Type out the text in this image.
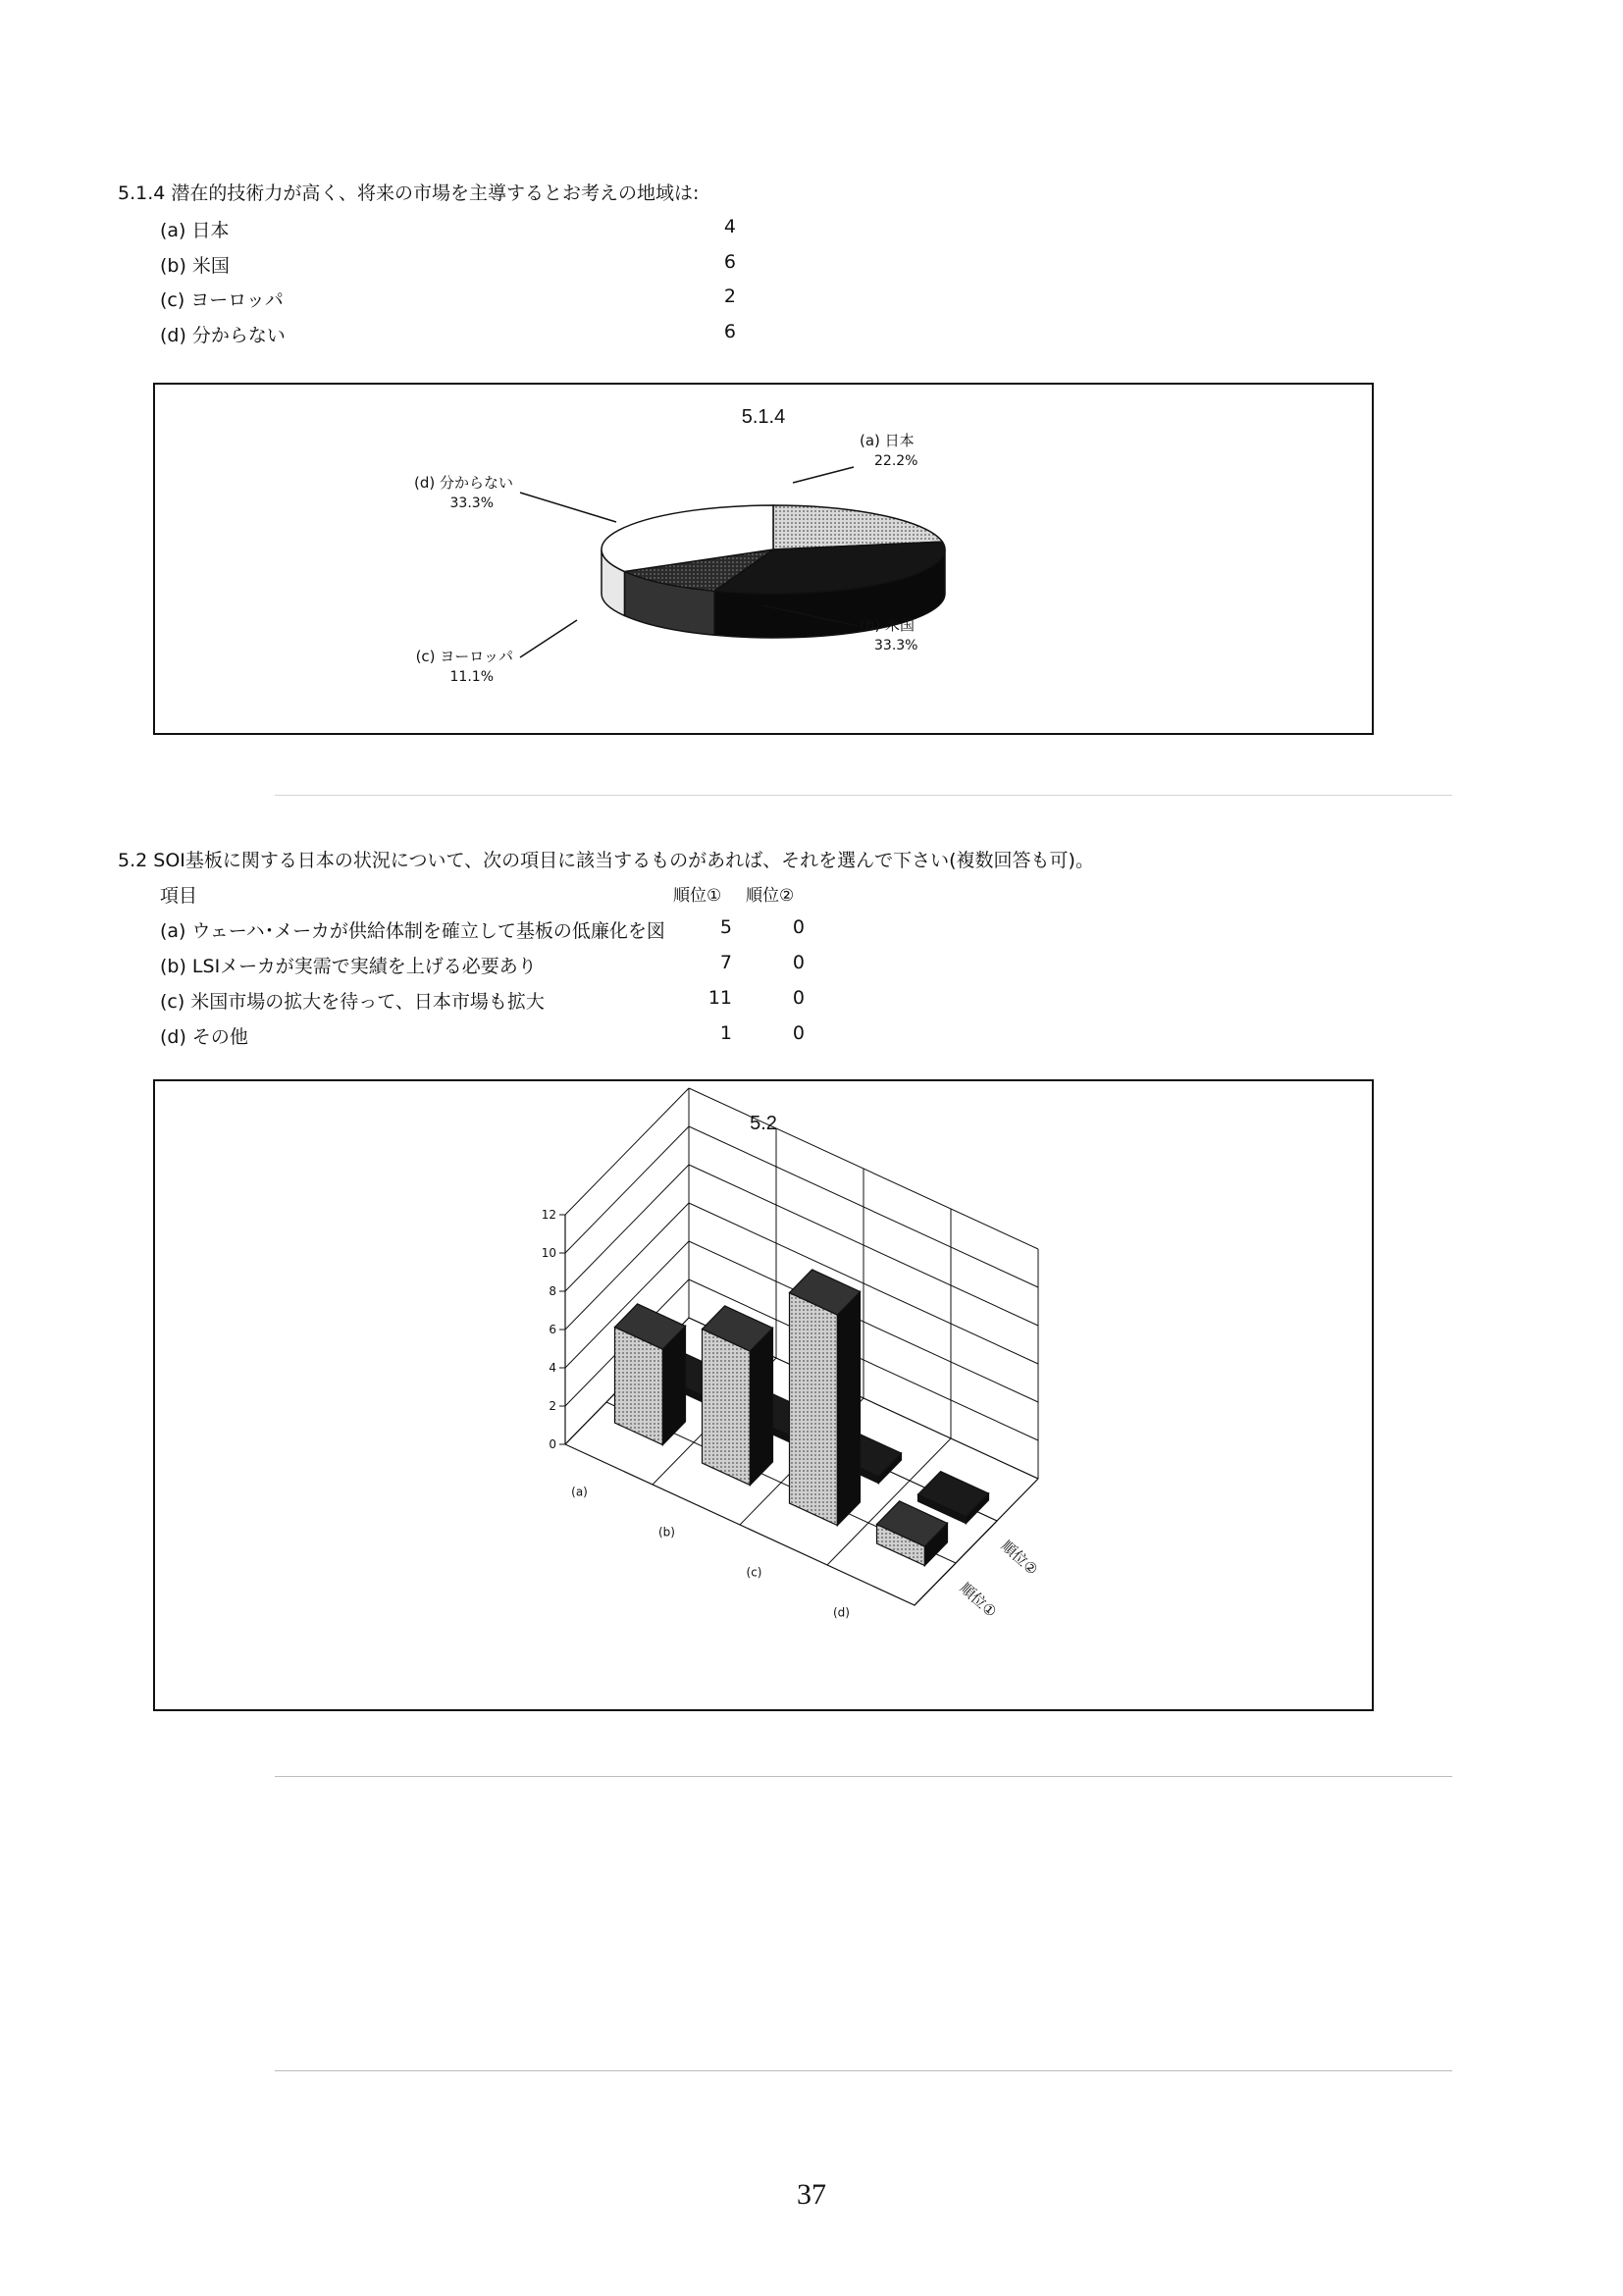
5.1.4 潜在的技術力が高く、将来の市場を主導するとお考えの地域は:
(a) 日本	4
(b) 米国	6
(c) ヨーロッパ	2
(d) 分からない	6
5.1.4
(a) 日本
22.2%
(b) 米国
33.3%
(c) ヨーロッパ
11.1%
(d) 分からない
33.3%
5.2 SOI基板に関する日本の状況について、次の項目に該当するものがあれば、それを選んで下さい(複数回答も可)。
項目	順位① 順位②
(a) ウェーハ･メーカが供給体制を確立して基板の低廉化を図	5	0
(b) LSIメーカが実需で実績を上げる必要あり	7	0
(c) 米国市場の拡大を待って、日本市場も拡大	11	0
(d) その他	1	0
5.2
0
2
4
6
8
10
12
(a)
(b)
(c)
(d)	順位①
順位②
37
